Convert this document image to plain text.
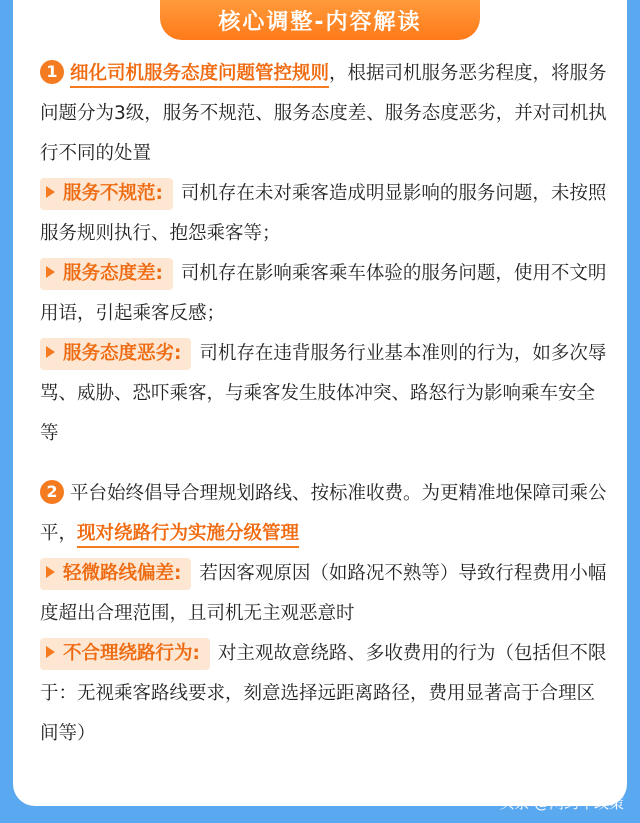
核心调整-内容解读
1 细化司机服务态度问题管控规则，根据司机服务恶劣程度，将服务问题分为3级，服务不规范、服务态度差、服务态度恶劣，并对司机执行不同的处置
服务不规范: 司机存在未对乘客造成明显影响的服务问题，未按照服务规则执行、抱怨乘客等；
服务态度差: 司机存在影响乘客乘车体验的服务问题，使用不文明用语，引起乘客反感；
服务态度恶劣: 司机存在违背服务行业基本准则的行为，如多次辱骂、威胁、恐吓乘客，与乘客发生肢体冲突、路怒行为影响乘车安全等
2 平台始终倡导合理规划路线、按标准收费。为更精准地保障司乘公平，现对绕路行为实施分级管理
轻微路线偏差: 若因客观原因（如路况不熟等）导致行程费用小幅度超出合理范围，且司机无主观恶意时
不合理绕路行为: 对主观故意绕路、多收费用的行为（包括但不限于：无视乘客路线要求，刻意选择远距离路径，费用显著高于合理区间等）
头条 @网约车政策
